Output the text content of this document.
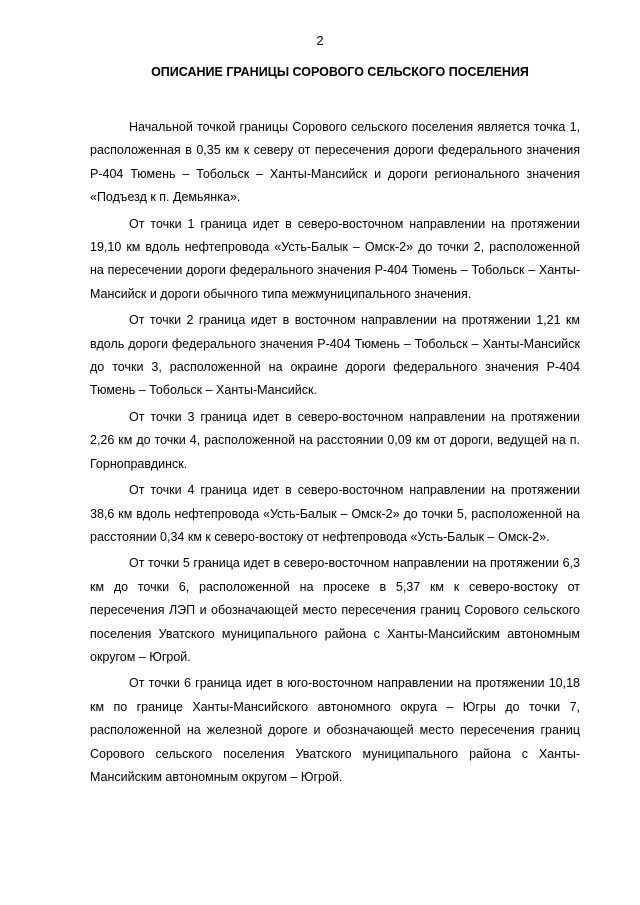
2
ОПИСАНИЕ ГРАНИЦЫ СОРОВОГО СЕЛЬСКОГО ПОСЕЛЕНИЯ

Начальной точкой границы Сорового сельского поселения является точка 1, расположенная в 0,35 км к северу от пересечения дороги федерального значения Р-404 Тюмень – Тобольск – Ханты-Мансийск и дороги регионального значения «Подъезд к п. Демьянка».

От точки 1 граница идет в северо-восточном направлении на протяжении 19,10 км вдоль нефтепровода «Усть-Балык – Омск-2» до точки 2, расположенной на пересечении дороги федерального значения Р-404 Тюмень – Тобольск – Ханты-Мансийск и дороги обычного типа межмуниципального значения.

От точки 2 граница идет в восточном направлении на протяжении 1,21 км вдоль дороги федерального значения Р-404 Тюмень – Тобольск – Ханты-Мансийск до точки 3, расположенной на окраине дороги федерального значения Р-404 Тюмень – Тобольск – Ханты-Мансийск.

От точки 3 граница идет в северо-восточном направлении на протяжении 2,26 км до точки 4, расположенной на расстоянии 0,09 км от дороги, ведущей на п. Горноправдинск.

От точки 4 граница идет в северо-восточном направлении на протяжении 38,6 км вдоль нефтепровода «Усть-Балык – Омск-2» до точки 5, расположенной на расстоянии 0,34 км к северо-востоку от нефтепровода «Усть-Балык – Омск-2».

От точки 5 граница идет в северо-восточном направлении на протяжении 6,3 км до точки 6, расположенной на просеке в 5,37 км к северо-востоку от пересечения ЛЭП и обозначающей место пересечения границ Сорового сельского поселения Уватского муниципального района с Ханты-Мансийским автономным округом – Югрой.

От точки 6 граница идет в юго-восточном направлении на протяжении 10,18 км по границе Ханты-Мансийского автономного округа – Югры до точки 7, расположенной на железной дороге и обозначающей место пересечения границ Сорового сельского поселения Уватского муниципального района с Ханты-Мансийским автономным округом – Югрой.
